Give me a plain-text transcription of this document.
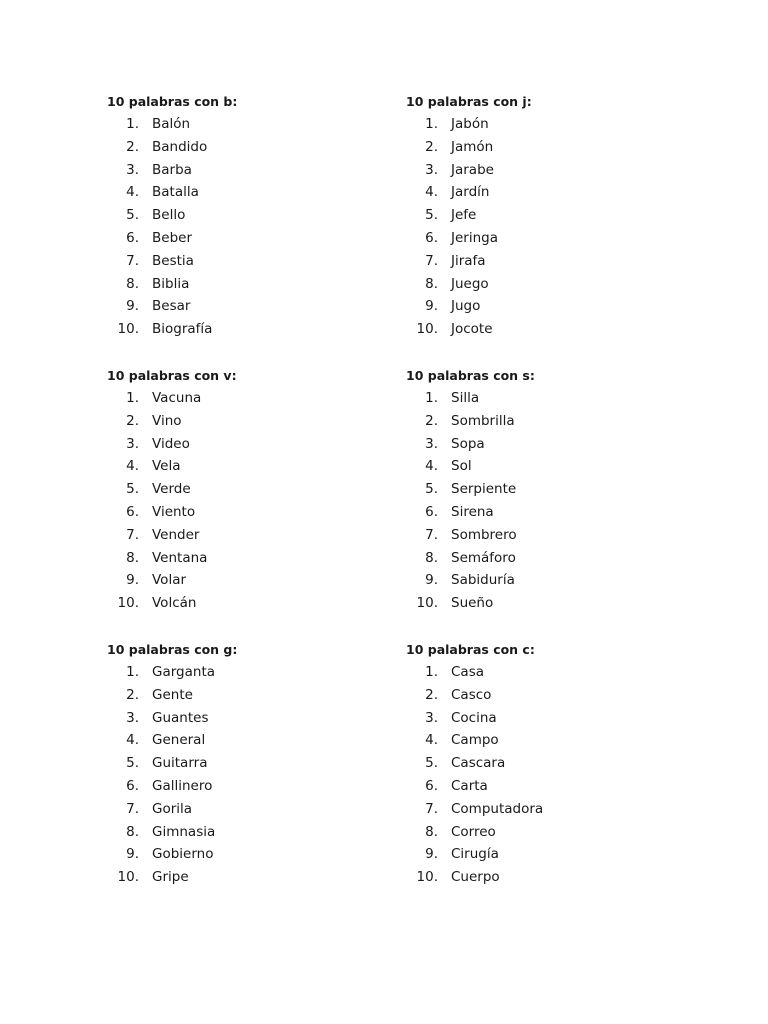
10 palabras con b:

1. Balón
2. Bandido
3. Barba
4. Batalla
5. Bello
6. Beber
7. Bestia
8. Biblia
9. Besar
10. Biografía

10 palabras con j:

1. Jabón
2. Jamón
3. Jarabe
4. Jardín
5. Jefe
6. Jeringa
7. Jirafa
8. Juego
9. Jugo
10. Jocote

10 palabras con v:

1. Vacuna
2. Vino
3. Video
4. Vela
5. Verde
6. Viento
7. Vender
8. Ventana
9. Volar
10. Volcán

10 palabras con s:

1. Silla
2. Sombrilla
3. Sopa
4. Sol
5. Serpiente
6. Sirena
7. Sombrero
8. Semáforo
9. Sabiduría
10. Sueño

10 palabras con g:

1. Garganta
2. Gente
3. Guantes
4. General
5. Guitarra
6. Gallinero
7. Gorila
8. Gimnasia
9. Gobierno
10. Gripe

10 palabras con c:

1. Casa
2. Casco
3. Cocina
4. Campo
5. Cascara
6. Carta
7. Computadora
8. Correo
9. Cirugía
10. Cuerpo
